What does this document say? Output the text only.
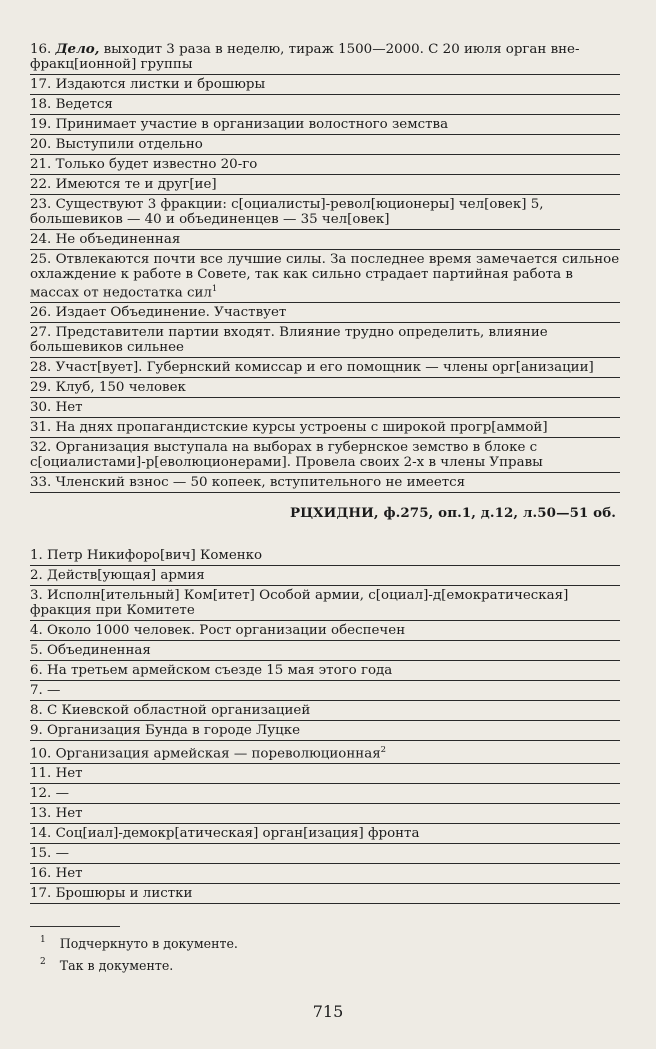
16. Дело, выходит 3 раза в неделю, тираж 1500—2000. С 20 июля орган вне-фракц[ионной] группы
17. Издаются листки и брошюры
18. Ведется
19. Принимает участие в организации волостного земства
20. Выступили отдельно
21. Только будет известно 20-го
22. Имеются те и друг[ие]
23. Существуют 3 фракции: с[оциалисты]-револ[юционеры] чел[овек] 5, большевиков — 40 и объединенцев — 35 чел[овек]
24. Не объединенная
25. Отвлекаются почти все лучшие силы. За последнее время замечается сильное охлаждение к работе в Совете, так как сильно страдает партийная работа в массах от недостатка сил$^1$
26. Издает Объединение. Участвует
27. Представители партии входят. Влияние трудно определить, влияние большевиков сильнее
28. Участ[вует]. Губернский комиссар и его помощник — члены орг[анизации]
29. Клуб, 150 человек
30. Нет
31. На днях пропагандистские курсы устроены с широкой прогр[аммой]
32. Организация выступала на выборах в губернское земство в блоке с с[оциалистами]-р[еволюционерами]. Провела своих 2-х в члены Управы
33. Членский взнос — 50 копеек, вступительного не имеется
РЦХИДНИ, ф.275, оп.1, д.12, л.50—51 об.
1. Петр Никифоро[вич] Коменко
2. Действ[ующая] армия
3. Исполн[ительный] Ком[итет] Особой армии, с[оциал]-д[емократическая] фракция при Комитете
4. Около 1000 человек. Рост организации обеспечен
5. Объединенная
6. На третьем армейском съезде 15 мая этого года
7. —
8. С Киевской областной организацией
9. Организация Бунда в городе Луцке
10. Организация армейская — пореволюционная$^2$
11. Нет
12. —
13. Нет
14. Соц[иал]-демокр[атическая] орган[изация] фронта
15. —
16. Нет
17. Брошюры и листки
$^1$ Подчеркнуто в документе.
$^2$ Так в документе.
715
